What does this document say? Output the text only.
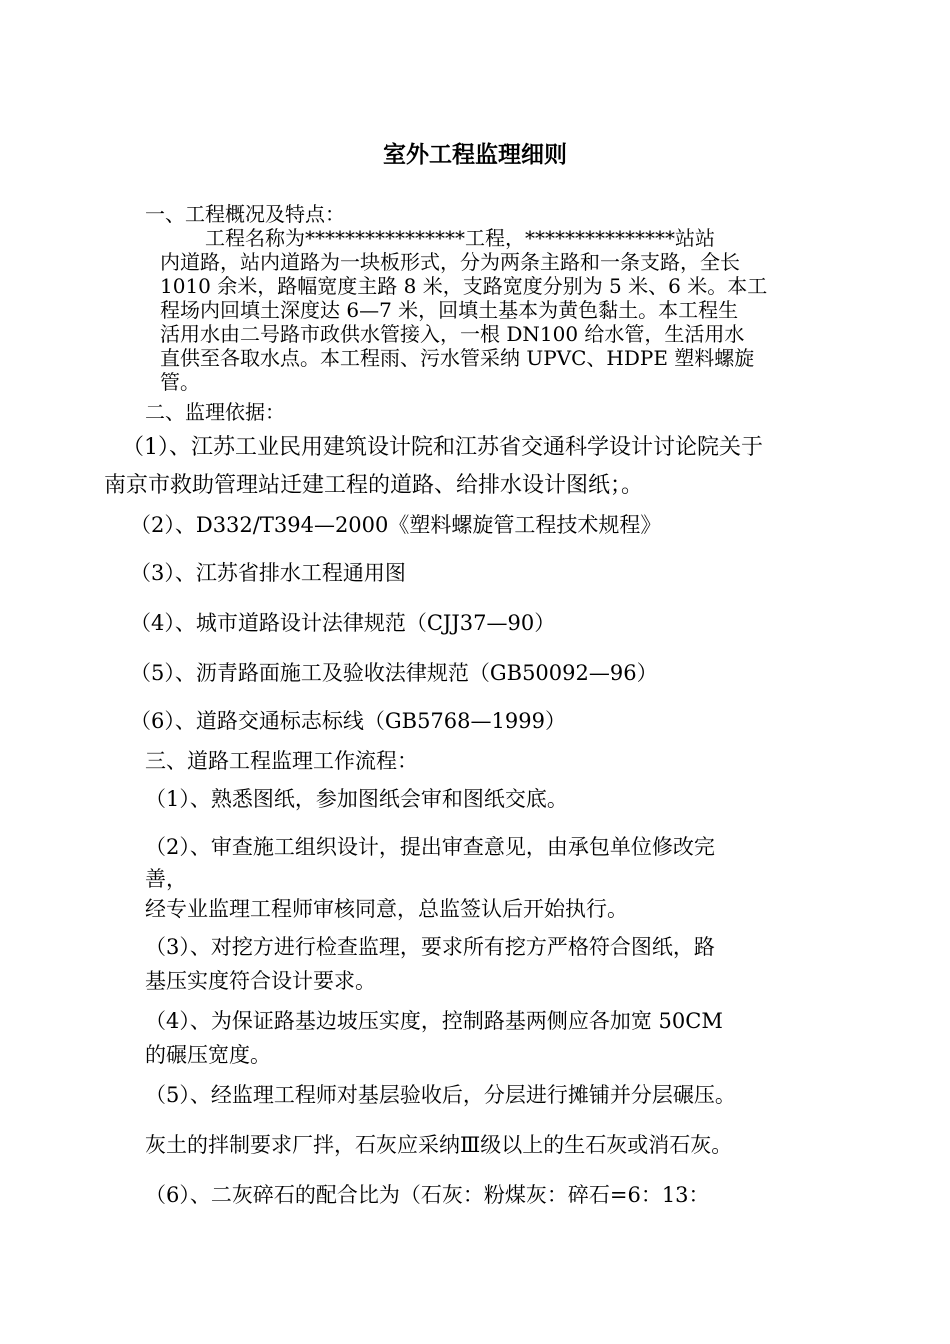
室外工程监理细则
一、工程概况及特点：
工程名称为****************工程，***************站站
内道路，站内道路为一块板形式，分为两条主路和一条支路，全长
1010 余米，路幅宽度主路 8 米，支路宽度分别为 5 米、6 米。本工
程场内回填土深度达 6—7 米，回填土基本为黄色黏土。本工程生
活用水由二号路市政供水管接入，一根 DN100 给水管，生活用水
直供至各取水点。本工程雨、污水管采纳 UPVC、HDPE 塑料螺旋
管。
二、监理依据：
（1）、江苏工业民用建筑设计院和江苏省交通科学设计讨论院关于
南京市救助管理站迁建工程的道路、给排水设计图纸；。
（2）、D332/T394—2000《塑料螺旋管工程技术规程》
（3）、江苏省排水工程通用图
（4）、城市道路设计法律规范（CJJ37—90）
（5）、沥青路面施工及验收法律规范（GB50092—96）
（6）、道路交通标志标线（GB5768—1999）
三、道路工程监理工作流程：
（1）、熟悉图纸，参加图纸会审和图纸交底。
（2）、审查施工组织设计，提出审查意见，由承包单位修改完
善，
经专业监理工程师审核同意，总监签认后开始执行。
（3）、对挖方进行检查监理，要求所有挖方严格符合图纸，路
基压实度符合设计要求。
（4）、为保证路基边坡压实度，控制路基两侧应各加宽 50CM
的碾压宽度。
（5）、经监理工程师对基层验收后，分层进行摊铺并分层碾压。
灰土的拌制要求厂拌，石灰应采纳Ⅲ级以上的生石灰或消石灰。
（6）、二灰碎石的配合比为（石灰：粉煤灰：碎石=6：13：
